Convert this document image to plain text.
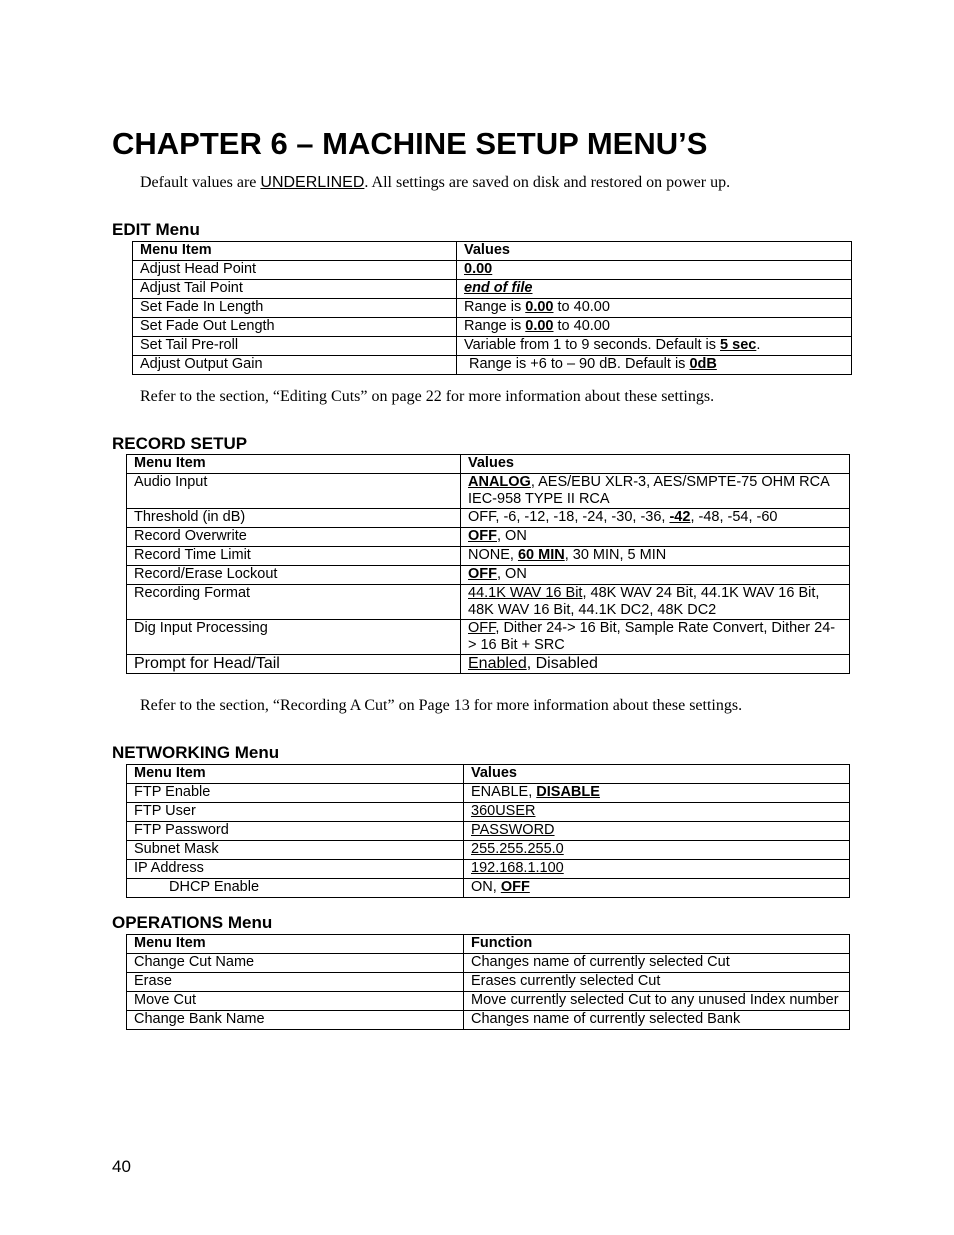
CHAPTER 6 – MACHINE SETUP MENU’S
Default values are UNDERLINED. All settings are saved on disk and restored on power up.
EDIT Menu
Menu Item	Values
Adjust Head Point	0.00
Adjust Tail Point	end of file
Set Fade In Length	Range is 0.00 to 40.00
Set Fade Out Length	Range is 0.00 to 40.00
Set Tail Pre-roll	Variable from 1 to 9 seconds. Default is 5 sec.
Adjust Output Gain	Range is +6 to – 90 dB. Default is 0dB
Refer to the section, “Editing Cuts” on page 22 for more information about these settings.
RECORD SETUP
Menu Item	Values
Audio Input	ANALOG, AES/EBU XLR-3, AES/SMPTE-75 OHM RCA
IEC-958 TYPE II RCA
Threshold (in dB)	OFF, -6, -12, -18, -24, -30, -36, -42, -48, -54, -60
Record Overwrite	OFF, ON
Record Time Limit	NONE, 60 MIN, 30 MIN, 5 MIN
Record/Erase Lockout	OFF, ON
Recording Format	44.1K WAV 16 Bit, 48K WAV 24 Bit, 44.1K WAV 16 Bit, 48K WAV 16 Bit, 44.1K DC2, 48K DC2
Dig Input Processing	OFF, Dither 24-> 16 Bit, Sample Rate Convert, Dither 24-> 16 Bit + SRC
Prompt for Head/Tail	Enabled, Disabled
Refer to the section, “Recording A Cut” on Page 13 for more information about these settings.
NETWORKING Menu
Menu Item	Values
FTP Enable	ENABLE, DISABLE
FTP User	360USER
FTP Password	PASSWORD
Subnet Mask	255.255.255.0
IP Address	192.168.1.100
DHCP Enable	ON, OFF
OPERATIONS Menu
Menu Item	Function
Change Cut Name	Changes name of currently selected Cut
Erase	Erases currently selected Cut
Move Cut	Move currently selected Cut to any unused Index number
Change Bank Name	Changes name of currently selected Bank
40
